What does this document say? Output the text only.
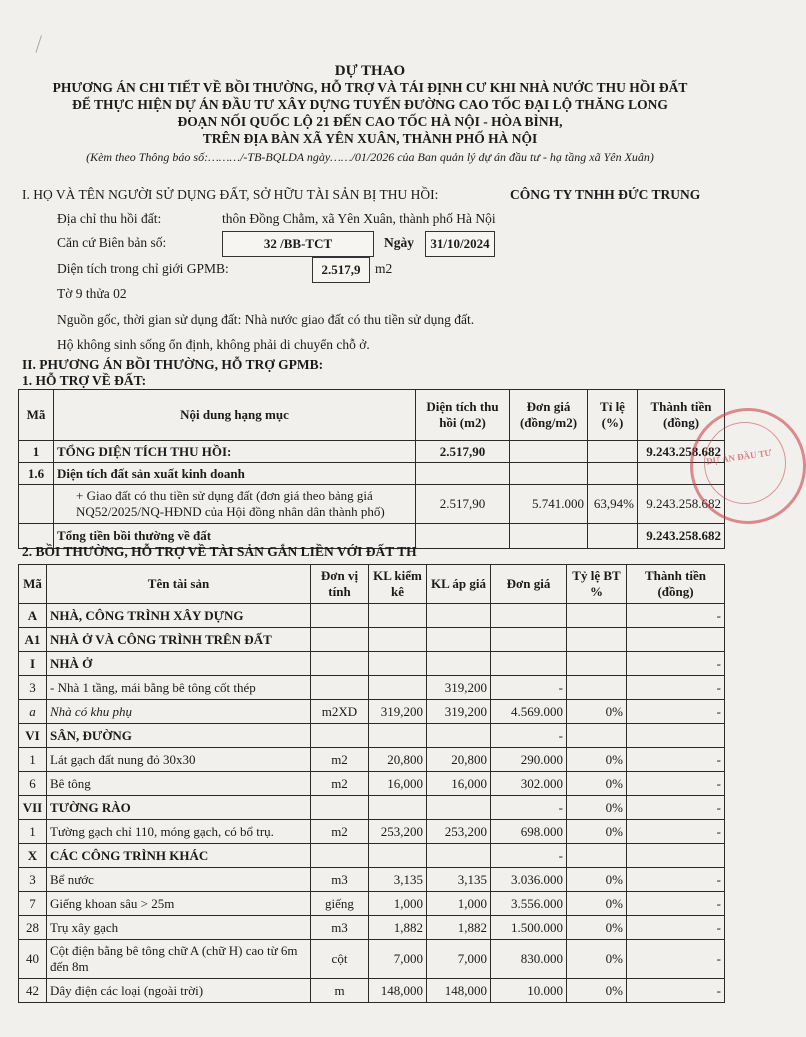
DỰ THAO
PHƯƠNG ÁN CHI TIẾT VỀ BỒI THƯỜNG, HỖ TRỢ VÀ TÁI ĐỊNH CƯ KHI NHÀ NƯỚC THU HỒI ĐẤT
ĐỂ THỰC HIỆN DỰ ÁN ĐẦU TƯ XÂY DỰNG TUYẾN ĐƯỜNG CAO TỐC ĐẠI LỘ THĂNG LONG
ĐOẠN NỐI QUỐC LỘ 21 ĐẾN CAO TỐC HÀ NỘI - HÒA BÌNH,
TRÊN ĐỊA BÀN XÃ YÊN XUÂN, THÀNH PHỐ HÀ NỘI
(Kèm theo Thông báo số:………/-TB-BQLDA ngày……/01/2026 của Ban quản lý dự án đầu tư - hạ tầng xã Yên Xuân)
I. HỌ VÀ TÊN NGƯỜI SỬ DỤNG ĐẤT, SỞ HỮU TÀI SẢN BỊ THU HỒI:	CÔNG TY TNHH ĐỨC TRUNG
Địa chỉ thu hồi đất:	thôn Đồng Chằm, xã Yên Xuân, thành phố Hà Nội
Căn cứ Biên bản số:	32 /BB-TCT	Ngày	31/10/2024
Diện tích trong chỉ giới GPMB:	2.517,9	m2
Tờ 9 thửa 02
Nguồn gốc, thời gian sử dụng đất: Nhà nước giao đất có thu tiền sử dụng đất.
Hộ không sinh sống ổn định, không phải di chuyển chỗ ở.
II. PHƯƠNG ÁN BỒI THƯỜNG, HỖ TRỢ GPMB:
1. HỖ TRỢ VỀ ĐẤT:
Mã	Nội dung hạng mục	Diện tích thu hồi (m2)	Đơn giá (đồng/m2)	Tỉ lệ (%)	Thành tiền (đồng)
1	TỔNG DIỆN TÍCH THU HỒI:	2.517,90			9.243.258.682
1.6	Diện tích đất sản xuất kinh doanh				
	+ Giao đất có thu tiền sử dụng đất (đơn giá theo bảng giá NQ52/2025/NQ-HĐND của Hội đồng nhân dân thành phố)	2.517,90	5.741.000	63,94%	9.243.258.682
	Tổng tiền bồi thường về đất				9.243.258.682
DỰ ÁN ĐẦU TƯ
2. BỒI THƯỜNG, HỖ TRỢ VỀ TÀI SẢN GẮN LIỀN VỚI ĐẤT TH
Mã	Tên tài sản	Đơn vị tính	KL kiểm kê	KL áp giá	Đơn giá	Tỷ lệ BT %	Thành tiền (đồng)
A	NHÀ, CÔNG TRÌNH XÂY DỰNG						-
A1	NHÀ Ở VÀ CÔNG TRÌNH TRÊN ĐẤT						
I	NHÀ Ở						-
3	- Nhà 1 tầng, mái bằng bê tông cốt thép			319,200	-		-
a	Nhà có khu phụ	m2XD	319,200	319,200	4.569.000	0%	-
VI	SÂN, ĐƯỜNG				-		
1	Lát gạch đất nung đỏ 30x30	m2	20,800	20,800	290.000	0%	-
6	Bê tông	m2	16,000	16,000	302.000	0%	-
VII	TƯỜNG RÀO				-	0%	-
1	Tường gạch chỉ 110, móng gạch, có bổ trụ.	m2	253,200	253,200	698.000	0%	-
X	CÁC CÔNG TRÌNH KHÁC				-		
3	Bể nước	m3	3,135	3,135	3.036.000	0%	-
7	Giếng khoan sâu > 25m	giếng	1,000	1,000	3.556.000	0%	-
28	Trụ xây gạch	m3	1,882	1,882	1.500.000	0%	-
40	Cột điện bằng bê tông chữ A (chữ H) cao từ 6m đến 8m	cột	7,000	7,000	830.000	0%	-
42	Dây điện các loại (ngoài trời)	m	148,000	148,000	10.000	0%	-
